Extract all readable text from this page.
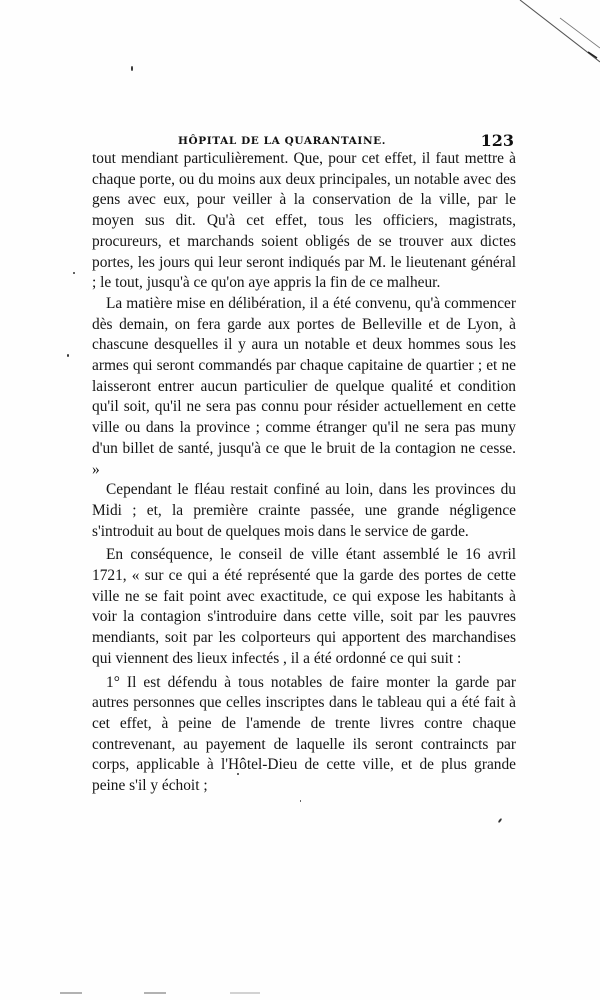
HÔPITAL DE LA QUARANTAINE.	123

tout mendiant particulièrement. Que, pour cet effet, il faut mettre à chaque porte, ou du moins aux deux principales, un notable avec des gens avec eux, pour veiller à la conservation de la ville, par le moyen sus dit. Qu'à cet effet, tous les officiers, magistrats, procureurs, et marchands soient obligés de se trouver aux dictes portes, les jours qui leur seront indiqués par M. le lieutenant général ; le tout, jusqu'à ce qu'on aye appris la fin de ce malheur.

La matière mise en délibération, il a été convenu, qu'à commencer dès demain, on fera garde aux portes de Belleville et de Lyon, à chascune desquelles il y aura un notable et deux hommes sous les armes qui seront commandés par chaque capitaine de quartier ; et ne laisseront entrer aucun particulier de quelque qualité et condition qu'il soit, qu'il ne sera pas connu pour résider actuellement en cette ville ou dans la province ; comme étranger qu'il ne sera pas muny d'un billet de santé, jusqu'à ce que le bruit de la contagion ne cesse. »

Cependant le fléau restait confiné au loin, dans les provinces du Midi ; et, la première crainte passée, une grande négligence s'introduit au bout de quelques mois dans le service de garde.

En conséquence, le conseil de ville étant assemblé le 16 avril 1721, « sur ce qui a été représenté que la garde des portes de cette ville ne se fait point avec exactitude, ce qui expose les habitants à voir la contagion s'introduire dans cette ville, soit par les pauvres mendiants, soit par les colporteurs qui apportent des marchandises qui viennent des lieux infectés , il a été ordonné ce qui suit :

1° Il est défendu à tous notables de faire monter la garde par autres personnes que celles inscriptes dans le tableau qui a été fait à cet effet, à peine de l'amende de trente livres contre chaque contrevenant, au payement de laquelle ils seront contraincts par corps, applicable à l'Hôtel-Dieu de cette ville, et de plus grande peine s'il y échoit ;
